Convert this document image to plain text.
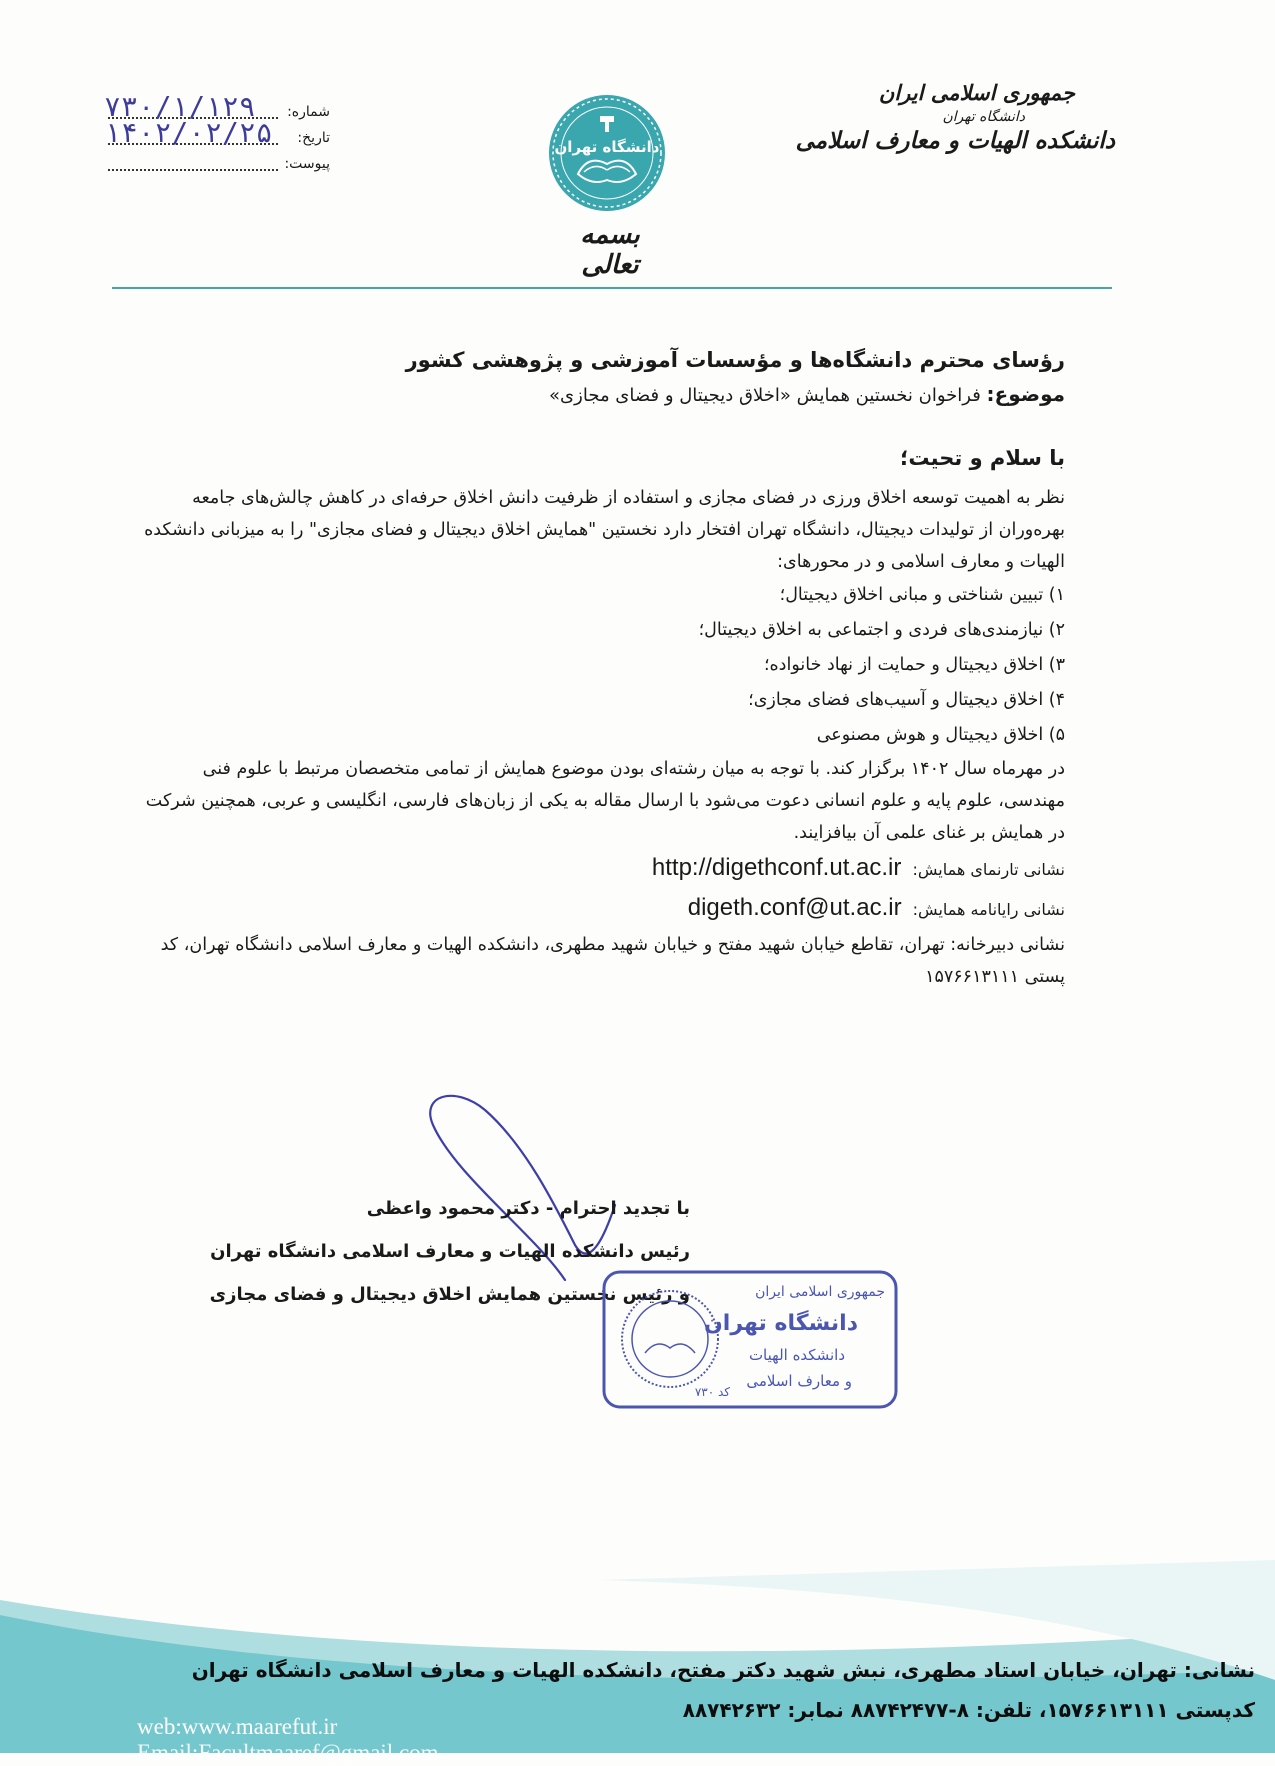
جمهوری اسلامی ایران
دانشگاه تهران
دانشکده الهیات و معارف اسلامی
دانشگاه تهران
بسمه تعالی
شماره:
۷۳۰/۱/۱۲۹
تاریخ:
۱۴۰۲/۰۲/۲۵
پیوست:
رؤسای محترم دانشگاه‌ها و مؤسسات آموزشی و پژوهشی کشور
موضوع: فراخوان نخستین همایش «اخلاق دیجیتال و فضای مجازی»
با سلام و تحیت؛
نظر به اهمیت توسعه اخلاق ورزی در فضای مجازی و استفاده از ظرفیت دانش اخلاق حرفه‌ای در کاهش چالش‌های جامعه بهره‌وران از تولیدات دیجیتال، دانشگاه تهران افتخار دارد نخستین "همایش اخلاق دیجیتال و فضای مجازی" را به میزبانی دانشکده الهیات و معارف اسلامی و در محورهای:
۱) تبیین شناختی و مبانی اخلاق دیجیتال؛
۲) نیازمندی‌های فردی و اجتماعی به اخلاق دیجیتال؛
۳) اخلاق دیجیتال و حمایت از نهاد خانواده؛
۴) اخلاق دیجیتال و آسیب‌های فضای مجازی؛
۵) اخلاق دیجیتال و هوش مصنوعی
در مهرماه سال ۱۴۰۲ برگزار کند. با توجه به میان رشته‌ای بودن موضوع همایش از تمامی متخصصان مرتبط با علوم فنی مهندسی، علوم پایه و علوم انسانی دعوت می‌شود با ارسال مقاله به یکی از زبان‌های فارسی، انگلیسی و عربی، همچنین شرکت در همایش بر غنای علمی آن بیافزایند.
نشانی تارنمای همایش: http://digethconf.ut.ac.ir
نشانی رایانامه همایش: digeth.conf@ut.ac.ir
نشانی دبیرخانه: تهران، تقاطع خیابان شهید مفتح و خیابان شهید مطهری، دانشکده الهیات و معارف اسلامی دانشگاه تهران، کد پستی ۱۵۷۶۶۱۳۱۱۱
با تجدید احترام - دکتر محمود واعظی
رئیس دانشکده الهیات و معارف اسلامی دانشگاه تهران
و رئیس نخستین همایش اخلاق دیجیتال و فضای مجازی	جمهوری اسلامی ایران
دانشگاه تهران
دانشکده الهیات
و معارف اسلامی
کد ۷۳۰
نشانی: تهران، خیابان استاد مطهری، نبش شهید دکتر مفتح، دانشکده الهیات و معارف اسلامی دانشگاه تهران
کدپستی ۱۵۷۶۶۱۳۱۱۱، تلفن: ۸-۸۸۷۴۲۴۷۷ نمابر: ۸۸۷۴۲۶۳۲
web:www.maarefut.ir
Email:Facultmaaref@gmail.com
